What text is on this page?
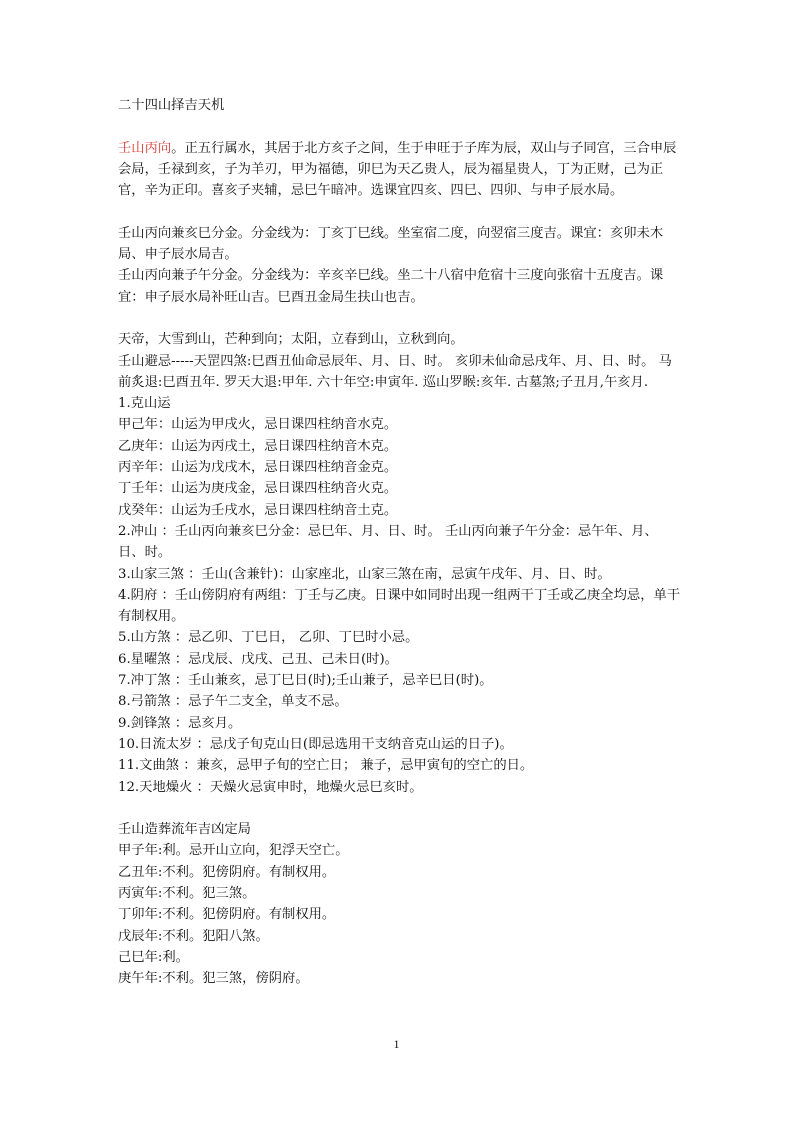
二十四山择吉天机
壬山丙向。正五行属水，其居于北方亥子之间，生于申旺于子库为辰，双山与子同宫，三合申辰会局，壬禄到亥，子为羊刃，甲为福德，卯巳为天乙贵人，辰为福星贵人，丁为正财，己为正官，辛为正印。喜亥子夹辅，忌巳午暗冲。选课宜四亥、四巳、四卯、与申子辰水局。
壬山丙向兼亥巳分金。分金线为：丁亥丁巳线。坐室宿二度，向翌宿三度吉。课宜：亥卯未木局、申子辰水局吉。
壬山丙向兼子午分金。分金线为：辛亥辛巳线。坐二十八宿中危宿十三度向张宿十五度吉。课宜：申子辰水局补旺山吉。巳酉丑金局生扶山也吉。
天帝，大雪到山，芒种到向；太阳，立春到山，立秋到向。
壬山避忌-----天罡四煞:巳酉丑仙命忌辰年、月、日、时。 亥卯未仙命忌戌年、月、日、时。 马前炙退:巳酉丑年. 罗天大退:甲年. 六十年空:申寅年. 巡山罗睺:亥年. 古墓煞;子丑月,午亥月.
1.克山运
甲己年：山运为甲戌火，忌日课四柱纳音水克。
乙庚年：山运为丙戌土，忌日课四柱纳音木克。
丙辛年：山运为戊戌木，忌日课四柱纳音金克。
丁壬年：山运为庚戌金，忌日课四柱纳音火克。
戊癸年：山运为壬戌水，忌日课四柱纳音土克。
2.冲山 ：壬山丙向兼亥巳分金：忌巳年、月、日、时。 壬山丙向兼子午分金：忌午年、月、日、时。
3.山家三煞 ：壬山(含兼针)：山家座北，山家三煞在南，忌寅午戌年、月、日、时。
4.阴府 ：壬山傍阴府有两组：丁壬与乙庚。日课中如同时出现一组两干丁壬或乙庚全均忌，单干有制权用。
5.山方煞 ：忌乙卯、丁巳日， 乙卯、丁巳时小忌。
6.星曜煞 ：忌戊辰、戊戌、己丑、己未日(时)。
7.冲丁煞 ：壬山兼亥，忌丁巳日(时);壬山兼子，忌辛巳日(时)。
8.弓箭煞 ：忌子午二支全，单支不忌。
9.剑锋煞 ：忌亥月。
10.日流太岁 ：忌戊子旬克山日(即忌选用干支纳音克山运的日子)。
11.文曲煞 ：兼亥，忌甲子旬的空亡日； 兼子，忌甲寅旬的空亡的日。
12.天地燥火 ：天燥火忌寅申时，地燥火忌巳亥时。
壬山造葬流年吉凶定局
甲子年:利。忌开山立向，犯浮天空亡。
乙丑年:不利。犯傍阴府。有制权用。
丙寅年:不利。犯三煞。
丁卯年:不利。犯傍阴府。有制权用。
戊辰年:不利。犯阳八煞。
己巳年:利。
庚午年:不利。犯三煞，傍阴府。
1
